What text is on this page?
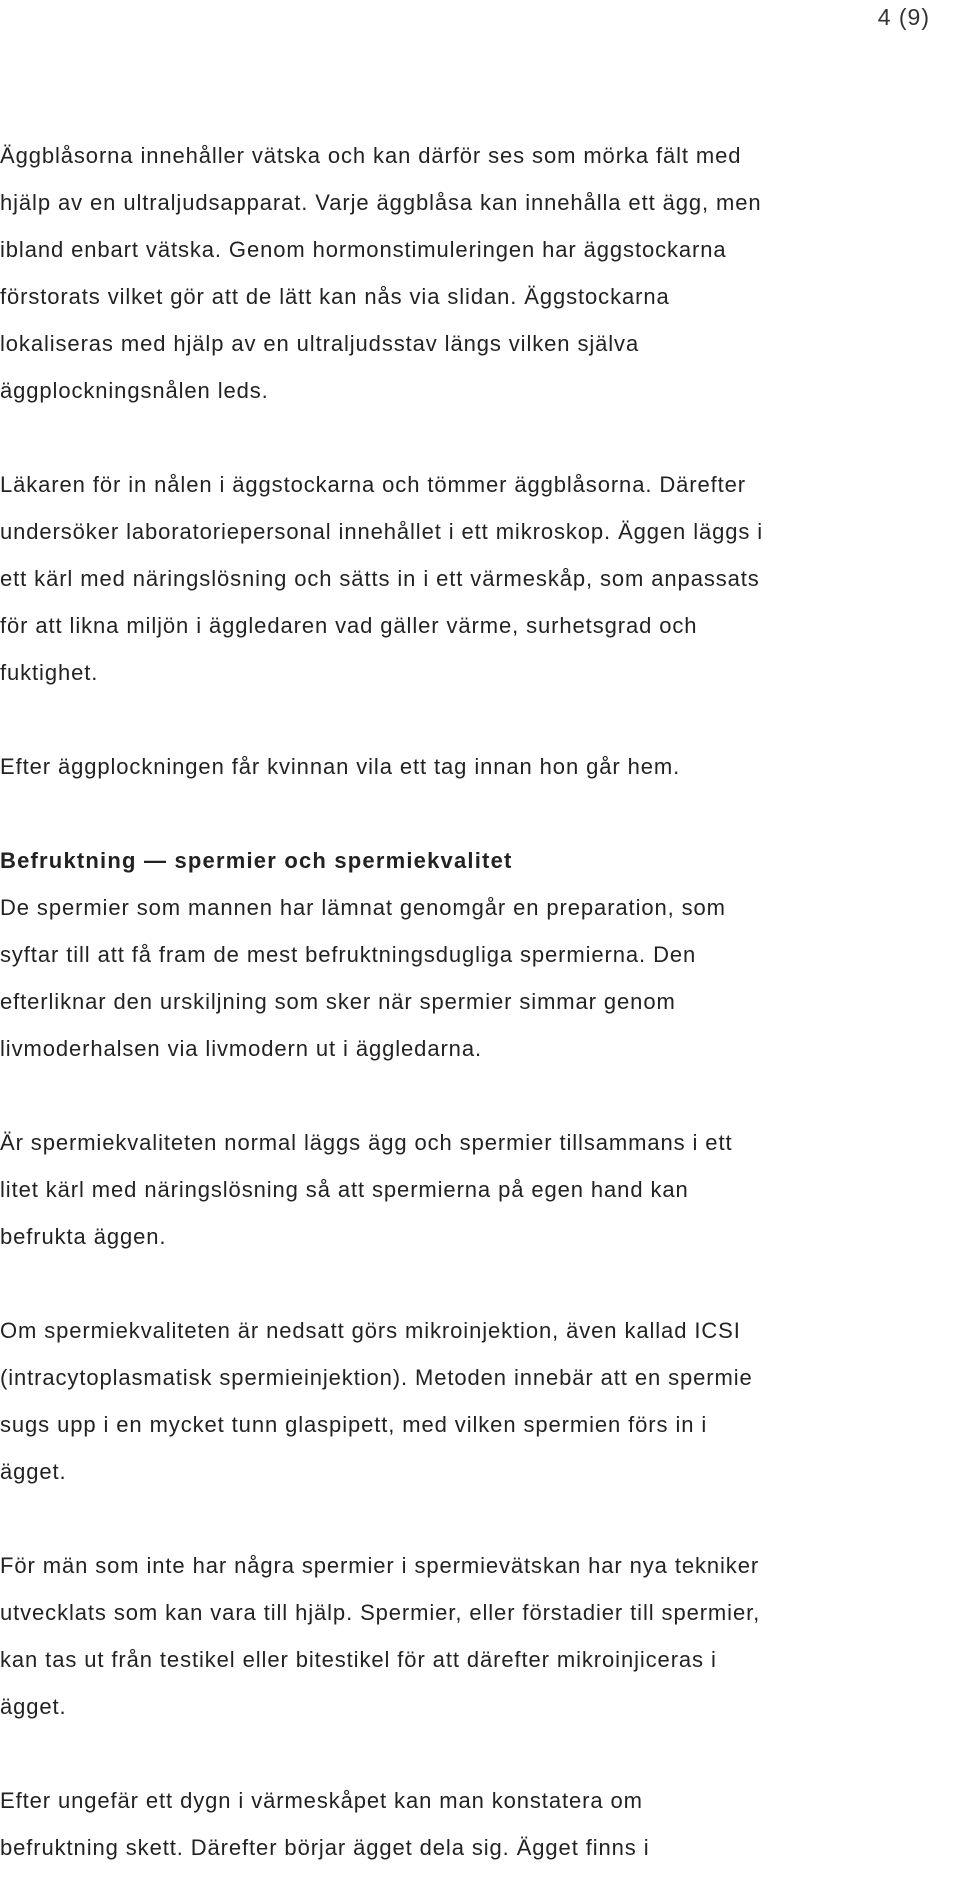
4 (9)

Äggblåsorna innehåller vätska och kan därför ses som mörka fält med
hjälp av en ultraljudsapparat. Varje äggblåsa kan innehålla ett ägg, men
ibland enbart vätska. Genom hormonstimuleringen har äggstockarna
förstorats vilket gör att de lätt kan nås via slidan. Äggstockarna
lokaliseras med hjälp av en ultraljudsstav längs vilken själva
äggplockningsnålen leds.

Läkaren för in nålen i äggstockarna och tömmer äggblåsorna. Därefter
undersöker laboratoriepersonal innehållet i ett mikroskop. Äggen läggs i
ett kärl med näringslösning och sätts in i ett värmeskåp, som anpassats
för att likna miljön i äggledaren vad gäller värme, surhetsgrad och
fuktighet.

Efter äggplockningen får kvinnan vila ett tag innan hon går hem.

Befruktning — spermier och spermiekvalitet

De spermier som mannen har lämnat genomgår en preparation, som
syftar till att få fram de mest befruktningsdugliga spermierna. Den
efterliknar den urskiljning som sker när spermier simmar genom
livmoderhalsen via livmodern ut i äggledarna.

Är spermiekvaliteten normal läggs ägg och spermier tillsammans i ett
litet kärl med näringslösning så att spermierna på egen hand kan
befrukta äggen.

Om spermiekvaliteten är nedsatt görs mikroinjektion, även kallad ICSI
(intracytoplasmatisk spermieinjektion). Metoden innebär att en spermie
sugs upp i en mycket tunn glaspipett, med vilken spermien förs in i
ägget.

För män som inte har några spermier i spermievätskan har nya tekniker
utvecklats som kan vara till hjälp. Spermier, eller förstadier till spermier,
kan tas ut från testikel eller bitestikel för att därefter mikroinjiceras i
ägget.

Efter ungefär ett dygn i värmeskåpet kan man konstatera om
befruktning skett. Därefter börjar ägget dela sig. Ägget finns i
